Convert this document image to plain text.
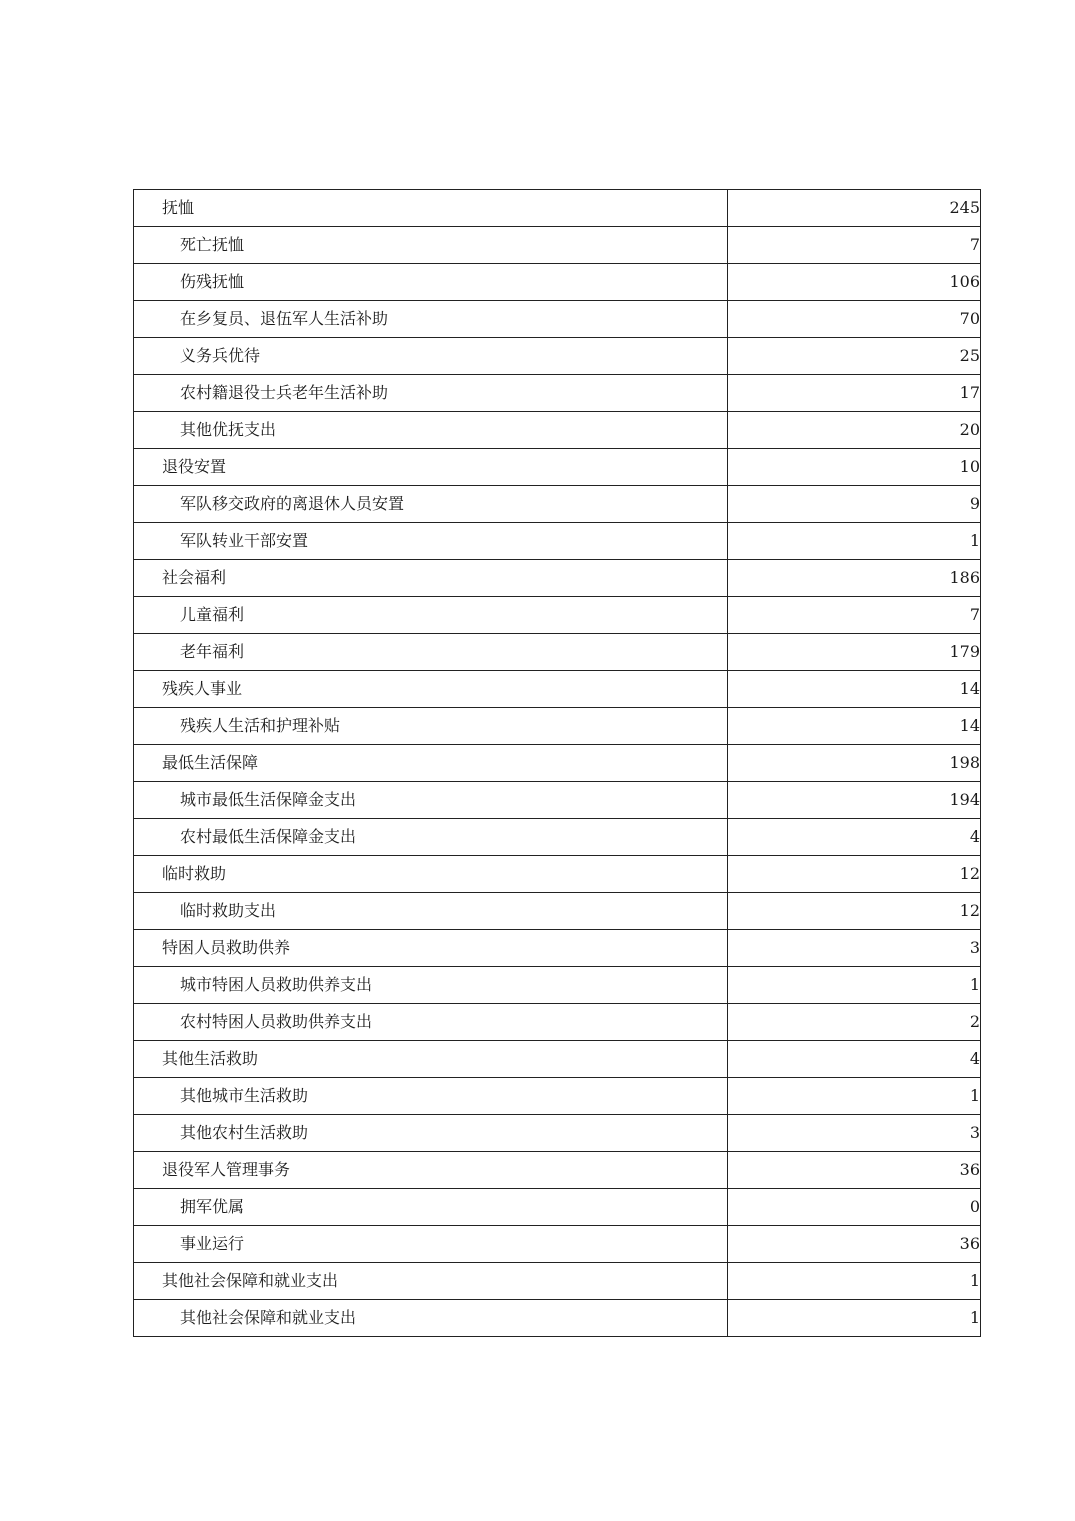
抚恤	245
死亡抚恤	7
伤残抚恤	106
在乡复员、退伍军人生活补助	70
义务兵优待	25
农村籍退役士兵老年生活补助	17
其他优抚支出	20
退役安置	10
军队移交政府的离退休人员安置	9
军队转业干部安置	1
社会福利	186
儿童福利	7
老年福利	179
残疾人事业	14
残疾人生活和护理补贴	14
最低生活保障	198
城市最低生活保障金支出	194
农村最低生活保障金支出	4
临时救助	12
临时救助支出	12
特困人员救助供养	3
城市特困人员救助供养支出	1
农村特困人员救助供养支出	2
其他生活救助	4
其他城市生活救助	1
其他农村生活救助	3
退役军人管理事务	36
拥军优属	0
事业运行	36
其他社会保障和就业支出	1
其他社会保障和就业支出	1
